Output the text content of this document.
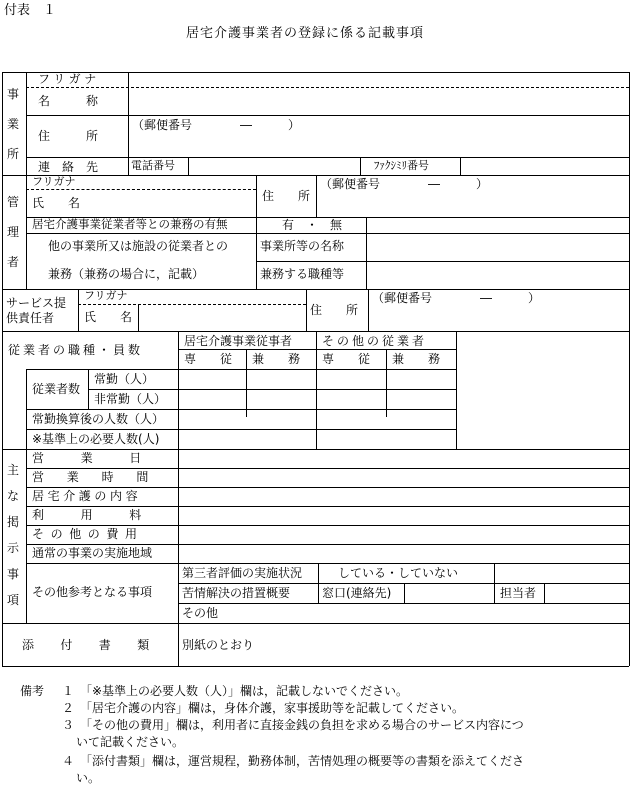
付表　１
居宅介護事業者の登録に係る記載事項
事
業
所
フリガナ
名　　　称
住　　　所
（郵便番号　　　　―　　　）
連　絡　先	電話番号	ﾌｧｸｼﾐﾘ番号
管
理
者
フリガナ
氏　　名	住　　所
（郵便番号　　　　―　　　）
居宅介護事業従業者等との兼務の有無	有　・　無
他の事業所又は施設の従業者との
兼務（兼務の場合に，記載）
事業所等の名称
兼務する職種等
サービス提
供責任者
フリガナ
氏　　名	住　　所
（郵便番号　　　　―　　　）
従業者の職種・員数
居宅介護事業従事者 その他の従業者
専　　従 兼　　務 専　　従 兼　　務
従業者数
常勤（人）
非常勤（人）
常勤換算後の人数（人）
※基準上の必要人数(人)
主
な
掲
示
事
項
営　　業　　日
営　業　時　間
居宅介護の内容
利　　用　　料
その他の費用
通常の事業の実施地域
その他参考となる事項
第三者評価の実施状況	している・していない
苦情解決の措置概要	窓口(連絡先)	担当者
その他
添　付　書　類 別紙のとおり
備考 １　「※基準上の必要人数（人）」欄は，記載しないでください。
２　「居宅介護の内容」欄は，身体介護，家事援助等を記載してください。
３　「その他の費用」欄は，利用者に直接金銭の負担を求める場合のサービス内容につ
いて記載ください。
４　「添付書類」欄は，運営規程，勤務体制，苦情処理の概要等の書類を添えてくださ
い。
